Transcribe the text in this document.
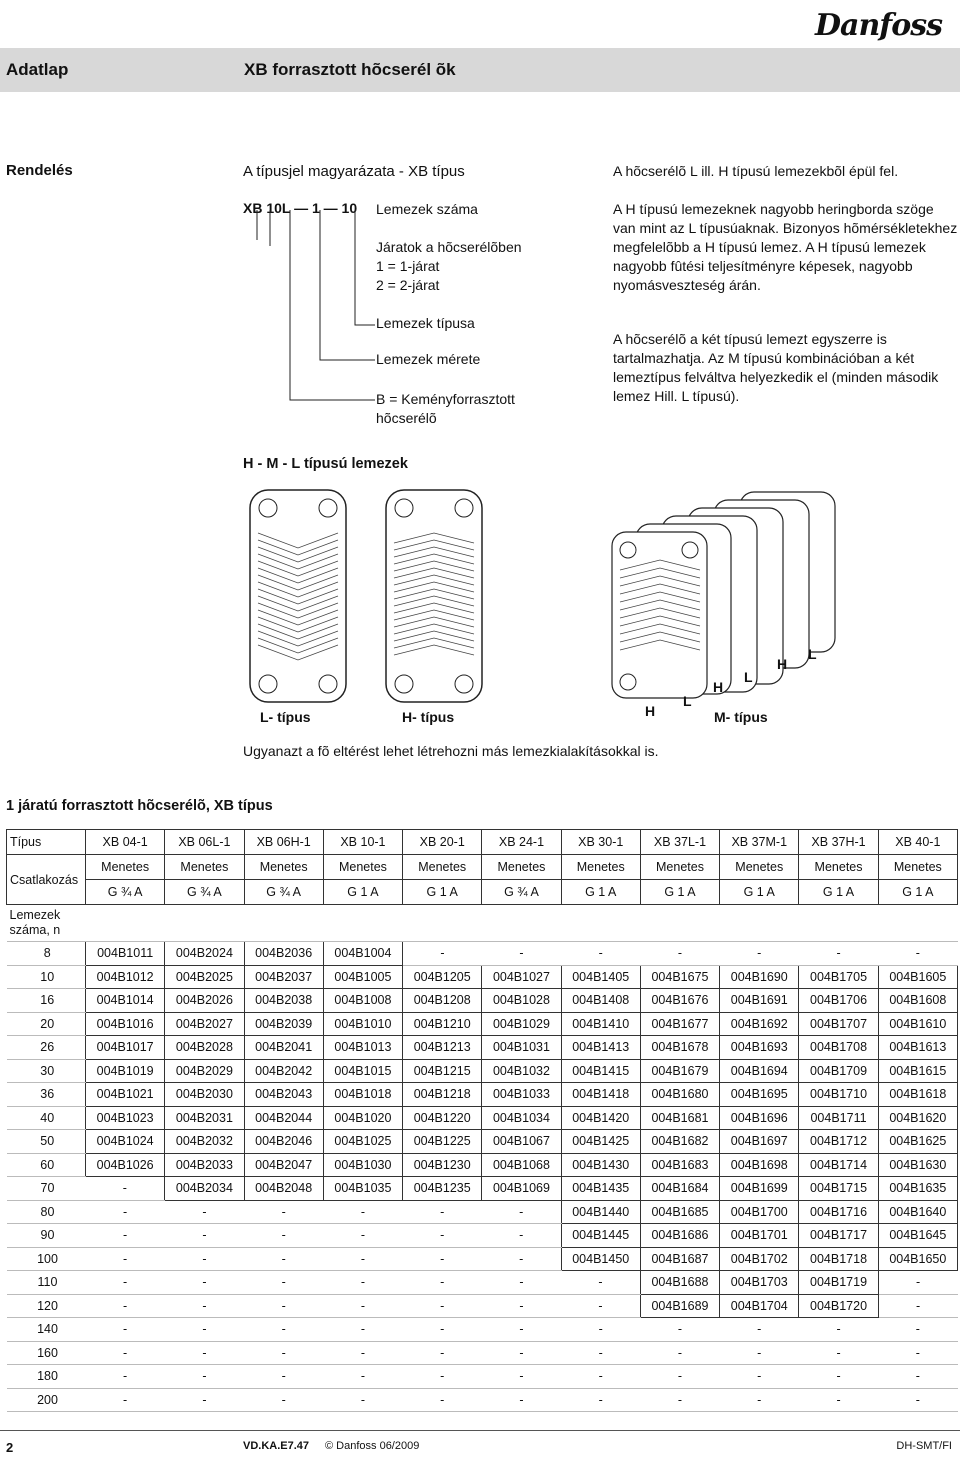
Danfoss
Adatlap	XB forrasztott hõcserél õk
Rendelés	A típusjel magyarázata - XB típus
XB 10L — 1 — 10 Lemezek száma
Járatok a hõcserélõben
1 = 1-járat
2 = 2-járat
Lemezek típusa
Lemezek mérete
B = Keményforrasztott
hõcserélõ
A hõcserélõ L ill. H típusú lemezekbõl épül fel.
A H típusú lemezeknek nagyobb heringborda szöge van mint az L típusúaknak. Bizonyos hõmérsékletekhez megfelelõbb a H típusú lemez. A H típusú lemezek nagyobb fûtési teljesítményre képesek, nagyobb nyomásveszteség árán.
A hõcserélõ a két típusú lemezt egyszerre is tartalmazhatja. Az M típusú kombinációban a két lemeztípus felváltva helyezkedik el (minden második lemez Hill. L típusú).
H - M - L típusú lemezek
L- típus	H- típus	H
L
H
L
H
L
M- típus
Ugyanazt a fõ eltérést lehet létrehozni más lemezkialakításokkal is.
1 járatú forrasztott hõcserélõ, XB típus
Típus	XB 04-1	XB 06L-1	XB 06H-1	XB 10-1	XB 20-1	XB 24-1	XB 30-1	XB 37L-1	XB 37M-1	XB 37H-1	XB 40-1
Csatlakozás	Menetes	Menetes	Menetes	Menetes	Menetes	Menetes	Menetes	Menetes	Menetes	Menetes	Menetes
	G ¾ A	G ¾ A	G ¾ A	G 1 A	G 1 A	G ¾ A	G 1 A	G 1 A	G 1 A	G 1 A	G 1 A
Lemezek
száma, n											
8	004B1011	004B2024	004B2036	004B1004	-	-	-	-	-	-	-
10	004B1012	004B2025	004B2037	004B1005	004B1205	004B1027	004B1405	004B1675	004B1690	004B1705	004B1605
16	004B1014	004B2026	004B2038	004B1008	004B1208	004B1028	004B1408	004B1676	004B1691	004B1706	004B1608
20	004B1016	004B2027	004B2039	004B1010	004B1210	004B1029	004B1410	004B1677	004B1692	004B1707	004B1610
26	004B1017	004B2028	004B2041	004B1013	004B1213	004B1031	004B1413	004B1678	004B1693	004B1708	004B1613
30	004B1019	004B2029	004B2042	004B1015	004B1215	004B1032	004B1415	004B1679	004B1694	004B1709	004B1615
36	004B1021	004B2030	004B2043	004B1018	004B1218	004B1033	004B1418	004B1680	004B1695	004B1710	004B1618
40	004B1023	004B2031	004B2044	004B1020	004B1220	004B1034	004B1420	004B1681	004B1696	004B1711	004B1620
50	004B1024	004B2032	004B2046	004B1025	004B1225	004B1067	004B1425	004B1682	004B1697	004B1712	004B1625
60	004B1026	004B2033	004B2047	004B1030	004B1230	004B1068	004B1430	004B1683	004B1698	004B1714	004B1630
70	-	004B2034	004B2048	004B1035	004B1235	004B1069	004B1435	004B1684	004B1699	004B1715	004B1635
80	-	-	-	-	-	-	004B1440	004B1685	004B1700	004B1716	004B1640
90	-	-	-	-	-	-	004B1445	004B1686	004B1701	004B1717	004B1645
100	-	-	-	-	-	-	004B1450	004B1687	004B1702	004B1718	004B1650
110	-	-	-	-	-	-	-	004B1688	004B1703	004B1719	-
120	-	-	-	-	-	-	-	004B1689	004B1704	004B1720	-
140	-	-	-	-	-	-	-	-	-	-	-
160	-	-	-	-	-	-	-	-	-	-	-
180	-	-	-	-	-	-	-	-	-	-	-
200	-	-	-	-	-	-	-	-	-	-	-
2	VD.KA.E7.47 © Danfoss 06/2009	DH-SMT/FI
